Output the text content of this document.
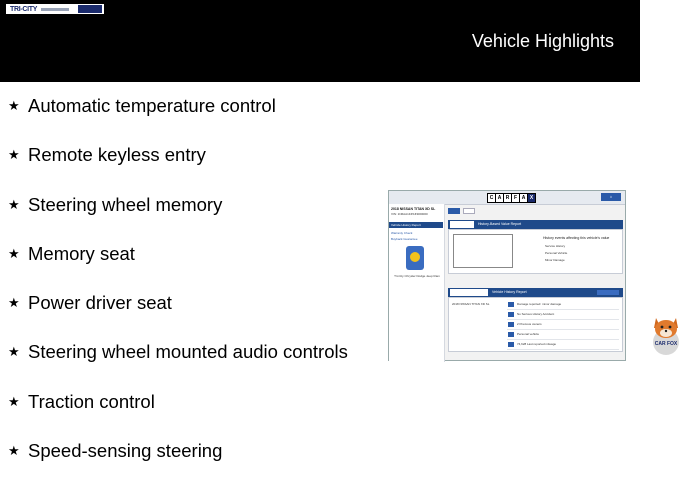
TRI-CITY
Vehicle Highlights
★ Automatic temperature control
★ Remote keyless entry
★ Steering wheel memory
★ Memory seat
★ Power driver seat
★ Steering wheel mounted audio controls
★ Traction control
★ Speed-sensing steering
C A R F A X	⌂
2018 NISSAN TITAN XD SL
VIN: 1N6AA1F45JN000000
Vehicle History Report
Warranty Check
Buyback Guarantee
Tri-City Chrysler Dodge Jeep Ram
History-Based Value Report
History events affecting this vehicle's value
Service History
Personal Vehicle
Minor Damage
Vehicle History Report
2018 NISSAN TITAN XD SL	Damage reported: minor damage
No Serious History Accident
2 Previous owners
Personal vehicle
74,628 Last reported mileage	CAR FOX
